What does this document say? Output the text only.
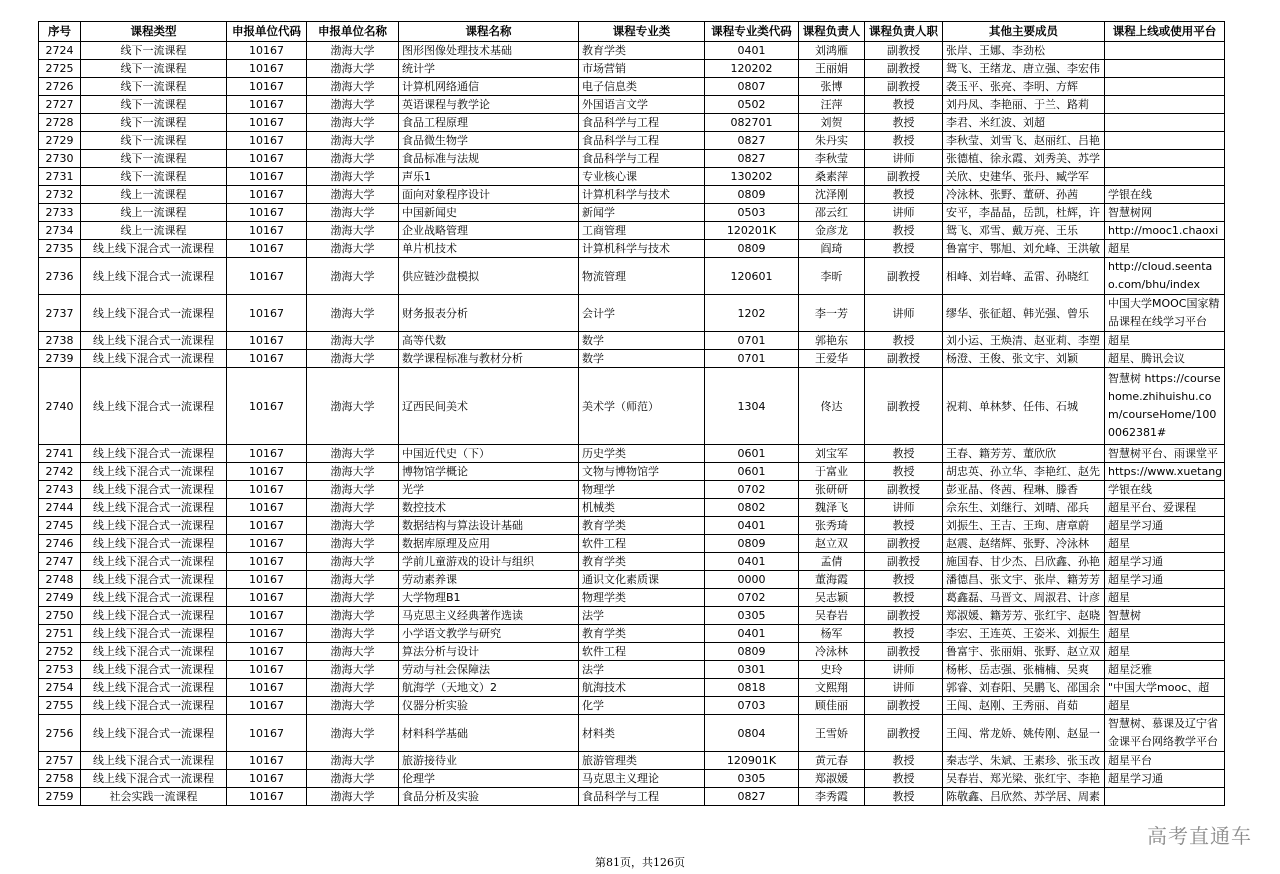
序号	课程类型	申报单位代码	申报单位名称	课程名称	课程专业类	课程专业类代码	课程负责人	课程负责人职	其他主要成员	课程上线或使用平台
2724	线下一流课程	10167	渤海大学	图形图像处理技术基础	教育学类	0401	刘鸿雁	副教授	张岸、王娜、李劲松	
2725	线下一流课程	10167	渤海大学	统计学	市场营销	120202	王丽娟	副教授	鸳飞、王绪龙、唐立强、李宏伟	
2726	线下一流课程	10167	渤海大学	计算机网络通信	电子信息类	0807	张博	副教授	袭玉平、张亮、李明、方辉	
2727	线下一流课程	10167	渤海大学	英语课程与教学论	外国语言文学	0502	汪萍	教授	刘丹凤、李艳丽、于兰、路莉	
2728	线下一流课程	10167	渤海大学	食品工程原理	食品科学与工程	082701	刘贺	教授	李君、米红波、刘超	
2729	线下一流课程	10167	渤海大学	食品微生物学	食品科学与工程	0827	朱丹实	教授	李秋莹、刘雪飞、赵丽红、吕艳	
2730	线下一流课程	10167	渤海大学	食品标准与法规	食品科学与工程	0827	李秋莹	讲师	张德植、徐永霞、刘秀美、苏学	
2731	线下一流课程	10167	渤海大学	声乐1	专业核心课	130202	桑素萍	副教授	关欣、史建华、张丹、臧学军	
2732	线上一流课程	10167	渤海大学	面向对象程序设计	计算机科学与技术	0809	沈泽刚	教授	冷泳林、张野、董研、孙茜	学银在线
2733	线上一流课程	10167	渤海大学	中国新闻史	新闻学	0503	邵云红	讲师	安平，李晶晶，岳凯，杜辉，许	智慧树网
2734	线上一流课程	10167	渤海大学	企业战略管理	工商管理	120201K	金彦龙	教授	鸳飞、邓雪、戴万亮、王乐	http://mooc1.chaoxi
2735	线上线下混合式一流课程	10167	渤海大学	单片机技术	计算机科学与技术	0809	阎琦	教授	鲁富宇、鄂旭、刘允峰、王洪敏	超星
2736	线上线下混合式一流课程	10167	渤海大学	供应链沙盘模拟	物流管理	120601	李昕	副教授	相峰、刘岩峰、孟雷、孙晓红	http://cloud.seentao.com/bhu/index
2737	线上线下混合式一流课程	10167	渤海大学	财务报表分析	会计学	1202	李一芳	讲师	缪华、张征超、韩光强、曾乐	中国大学MOOC国家精品课程在线学习平台
2738	线上线下混合式一流课程	10167	渤海大学	高等代数	数学	0701	郭艳东	教授	刘小运、王焕清、赵亚莉、李塑	超星
2739	线上线下混合式一流课程	10167	渤海大学	数学课程标准与教材分析	数学	0701	王爱华	副教授	杨澄、王俊、张文宇、刘颖	超星、腾讯会议
2740	线上线下混合式一流课程	10167	渤海大学	辽西民间美术	美术学（师范）	1304	佟达	副教授	祝莉、单林梦、任伟、石城	智慧树 https://coursehome.zhihuishu.com/courseHome/1000062381#
2741	线上线下混合式一流课程	10167	渤海大学	中国近代史（下）	历史学类	0601	刘宝军	教授	王春、籍芳芳、董欣欣	智慧树平台、雨课堂平
2742	线上线下混合式一流课程	10167	渤海大学	博物馆学概论	文物与博物馆学	0601	于富业	教授	胡忠英、孙立华、李艳红、赵先	https://www.xuetang
2743	线上线下混合式一流课程	10167	渤海大学	光学	物理学	0702	张研研	副教授	彭亚晶、佟茜、程琳、滕香	学银在线
2744	线上线下混合式一流课程	10167	渤海大学	数控技术	机械类	0802	魏泽飞	讲师	佘东生、刘继行、刘晴、邵兵	超星平台、爱课程
2745	线上线下混合式一流课程	10167	渤海大学	数据结构与算法设计基础	教育学类	0401	张秀琦	教授	刘振生、王吉、王珣、唐章蔚	超星学习通
2746	线上线下混合式一流课程	10167	渤海大学	数据库原理及应用	软件工程	0809	赵立双	副教授	赵震、赵绪辉、张野、冷泳林	超星
2747	线上线下混合式一流课程	10167	渤海大学	学前儿童游戏的设计与组织	教育学类	0401	孟倩	副教授	施国春、甘少杰、吕欣鑫、孙艳	超星学习通
2748	线上线下混合式一流课程	10167	渤海大学	劳动素养课	通识文化素质课	0000	董海霞	教授	潘德昌、张文宇、张岸、籍芳芳	超星学习通
2749	线上线下混合式一流课程	10167	渤海大学	大学物理B1	物理学类	0702	吴志颖	教授	葛鑫磊、马晋文、周淑君、计彦	超星
2750	线上线下混合式一流课程	10167	渤海大学	马克思主义经典著作选读	法学	0305	吴春岩	副教授	郑淑媛、籍芳芳、张红宇、赵晓	智慧树
2751	线上线下混合式一流课程	10167	渤海大学	小学语文教学与研究	教育学类	0401	杨军	教授	李宏、王连英、王姿米、刘振生	超星
2752	线上线下混合式一流课程	10167	渤海大学	算法分析与设计	软件工程	0809	冷泳林	副教授	鲁富宇、张丽娟、张野、赵立双	超星
2753	线上线下混合式一流课程	10167	渤海大学	劳动与社会保障法	法学	0301	史玲	讲师	杨彬、岳志强、张楠楠、吴爽	超星泛雅
2754	线上线下混合式一流课程	10167	渤海大学	航海学（天地文）2	航海技术	0818	文熙翔	讲师	郭睿、刘春阳、吴鹏飞、邵国余	"中国大学mooc、超
2755	线上线下混合式一流课程	10167	渤海大学	仪器分析实验	化学	0703	顾佳丽	副教授	王闯、赵刚、王秀丽、肖茹	超星
2756	线上线下混合式一流课程	10167	渤海大学	材料科学基础	材料类	0804	王雪娇	副教授	王闯、常龙娇、姚传刚、赵显一	智慧树、慕课及辽宁省金课平台网络教学平台
2757	线上线下混合式一流课程	10167	渤海大学	旅游接待业	旅游管理类	120901K	黄元春	教授	秦志学、朱斌、王素珍、张玉改	超星平台
2758	线上线下混合式一流课程	10167	渤海大学	伦理学	马克思主义理论	0305	郑淑媛	教授	吴春岩、郑光梁、张红宇、李艳	超星学习通
2759	社会实践一流课程	10167	渤海大学	食品分析及实验	食品科学与工程	0827	李秀霞	教授	陈敬鑫、吕欣然、苏学居、周素	
第81页，共126页
高考直通车
